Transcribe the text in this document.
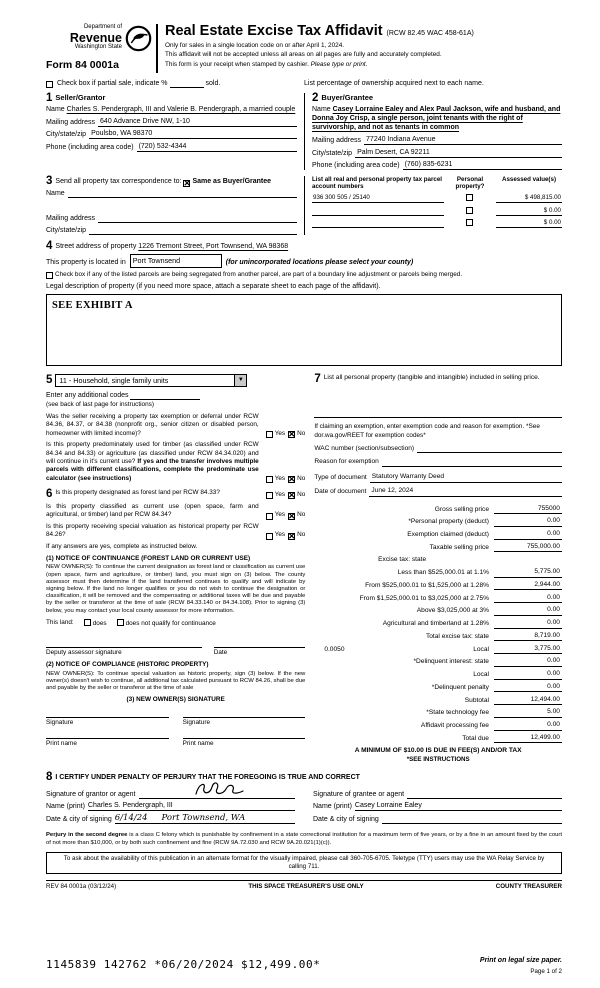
Department of
Revenue
Washington State
Form 84 0001a
Real Estate Excise Tax Affidavit (RCW 82.45 WAC 458-61A)
Only for sales in a single location code on or after April 1, 2024.
This affidavit will not be accepted unless all areas on all pages are fully and accurately completed.
This form is your receipt when stamped by cashier. Please type or print.
Check box if partial sale, indicate %	sold.	List percentage of ownership acquired next to each name.
1 Seller/Grantor
Name Charles S. Pendergraph, III and Valerie B. Pendergraph, a married couple
Mailing address 640 Advance Drive NW, 1-10
City/state/zip Poulsbo, WA 98370
Phone (including area code) (720) 532-4344
2 Buyer/Grantee
Name Casey Lorraine Ealey and Alex Paul Jackson, wife and husband, and Donna Joy Crisp, a single person, joint tenants with the right of survivorship, and not as tenants in common
Mailing address 77240 Indiana Avenue
City/state/zip Palm Desert, CA 92211
Phone (including area code) (760) 835-6231
3 Send all property tax correspondence to:
✕ Same as Buyer/Grantee
Name
Mailing address
City/state/zip
List all real and personal property tax parcel account numbers
Personal property?
Assessed value(s)
936 300 505 / 25140	$ 498,815.00
$ 0.00
$ 0.00
4 Street address of property
1226 Tremont Street, Port Townsend, WA 98368
This property is located in Port Townsend	(for unincorporated locations please select your county)
Check box if any of the listed parcels are being segregated from another parcel, are part of a boundary line adjustment or parcels being merged.
Legal description of property (if you need more space, attach a separate sheet to each page of the affidavit).
SEE EXHIBIT A
5 11 - Household, single family units	▼
Enter any additional codes

(see back of last page for instructions)
Was the seller receiving a property tax exemption or deferral under RCW 84.36, 84.37, or 84.38 (nonprofit org., senior citizen or disabled person, homeowner with limited income)?	Yes ✕ No
Is this property predominately used for timber (as classified under RCW 84.34 and 84.33) or agriculture (as classified under RCW 84.34.020) and will continue in it's current use? If yes and the transfer involves multiple parcels with different classifications, complete the predominate use calculator (see instructions)	Yes ✕ No
6 Is this property designated as forest land per RCW 84.33?	Yes ✕ No
Is this property classified as current use (open space, farm and agricultural, or timber) land per RCW 84.34?	Yes ✕ No
Is this property receiving special valuation as historical property per RCW 84.26?	Yes ✕ No
If any answers are yes, complete as instructed below.
(1) NOTICE OF CONTINUANCE (FOREST LAND OR CURRENT USE)
NEW OWNER(S): To continue the current designation as forest land or classification as current use (open space, farm and agriculture, or timber) land, you must sign on (3) below. The county assessor must then determine if the land transferred continues to qualify and will indicate by signing below. If the land no longer qualifies or you do not wish to continue the designation or classification, it will be removed and the compensating or additional taxes will be due and payable by the seller or transferor at the time of sale (RCW 84.33.140 or 84.34.108). Prior to signing (3) below, you may contact your local county assessor for more information.
This land:	does	does not qualify for continuance
Deputy assessor signature	Date
(2) NOTICE OF COMPLIANCE (HISTORIC PROPERTY)
NEW OWNER(S): To continue special valuation as historic property, sign (3) below. If the new owner(s) doesn't wish to continue, all additional tax calculated pursuant to RCW 84.26, shall be due and payable by the seller or transferor at the time of sale
(3) NEW OWNER(S) SIGNATURE
Signature	Signature
Print name	Print name
7 List all personal property (tangible and intangible) included in selling price.
If claiming an exemption, enter exemption code and reason for exemption. *See dor.wa.gov/REET for exemption codes*
WAC number (section/subsection)
Reason for exemption
Type of document Statutory Warranty Deed
Date of document June 12, 2024
Gross selling price	755000
*Personal property (deduct)	0.00
Exemption claimed (deduct)	0.00
Taxable selling price	755,000.00
Excise tax: state
Less than $525,000.01 at 1.1%	5,775.00
From $525,000.01 to $1,525,000 at 1.28%	2,944.00
From $1,525,000.01 to $3,025,000 at 2.75%	0.00
Above $3,025,000 at 3%	0.00
Agricultural and timberland at 1.28%	0.00
Total excise tax: state	8,719.00
0.0050	Local	3,775.00
*Delinquent interest: state	0.00
Local	0.00
*Delinquent penalty	0.00
Subtotal	12,494.00
*State technology fee	5.00
Affidavit processing fee	0.00
Total due	12,499.00
A MINIMUM OF $10.00 IS DUE IN FEE(S) AND/OR TAX
*SEE INSTRUCTIONS
8 I CERTIFY UNDER PENALTY OF PERJURY THAT THE FOREGOING IS TRUE AND CORRECT
Signature of grantor or agent
Name (print) Charles S. Pendergraph, III
Date & city of signing 6/14/24 Port Townsend, WA
Signature of grantee or agent
Name (print) Casey Lorraine Ealey
Date & city of signing
Perjury in the second degree is a class C felony which is punishable by confinement in a state correctional institution for a maximum term of five years, or by a fine in an amount fixed by the court of not more than $10,000, or by both such confinement and fine (RCW 9A.72.030 and RCW 9A.20.021(1)(c)).
To ask about the availability of this publication in an alternate format for the visually impaired, please call 360-705-6705. Teletype (TTY) users may use the WA Relay Service by calling 711.
REV 84 0001a (03/12/24)	THIS SPACE TREASURER'S USE ONLY	COUNTY TREASURER
1145839 142762 *06/20/2024 $12,499.00*	Print on legal size paper.
Page 1 of 2
